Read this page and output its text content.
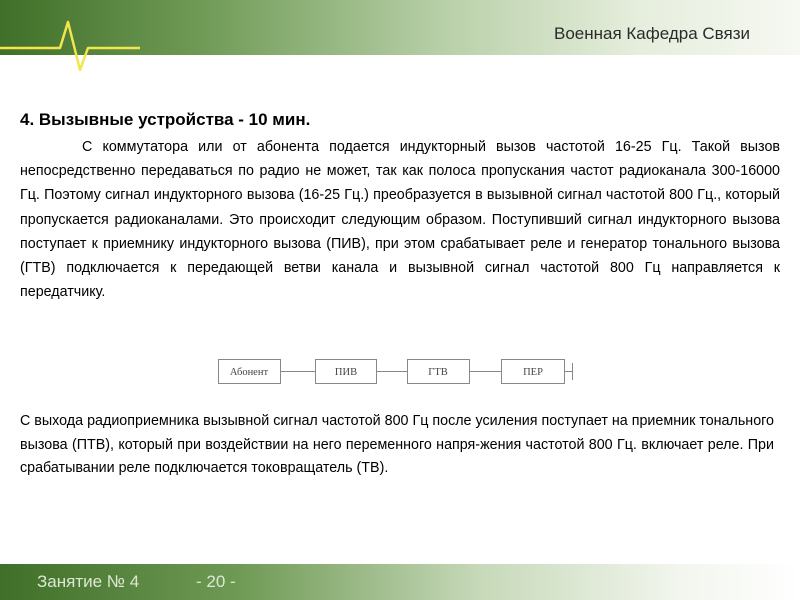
Военная Кафедра Связи
4. Вызывные устройства - 10 мин.

С коммутатора или от абонента подается индукторный вызов частотой 16-25 Гц. Такой вызов непосредственно передаваться по радио не может, так как полоса пропускания частот радиоканала 300-16000 Гц. Поэтому сигнал индукторного вызова (16-25 Гц.) преобразуется в вызывной сигнал частотой 800 Гц., который пропускается радиоканалами. Это происходит следующим образом. Поступивший сигнал индукторного вызова поступает к приемнику индукторного вызова (ПИВ), при этом срабатывает реле и генератор тонального вызова (ГТВ) подключается к передающей ветви канала и вызывной сигнал частотой 800 Гц направляется к передатчику.

Абонент	ПИВ	ГТВ	ПЕР

С выхода радиоприемника вызывной сигнал частотой 800 Гц после усиления поступает на приемник тонального вызова (ПТВ), который при воздействии на него переменного напря-жения частотой 800 Гц. включает реле. При срабатывании реле подключается токовращатель (ТВ).

Занятие № 4	- 20 -
